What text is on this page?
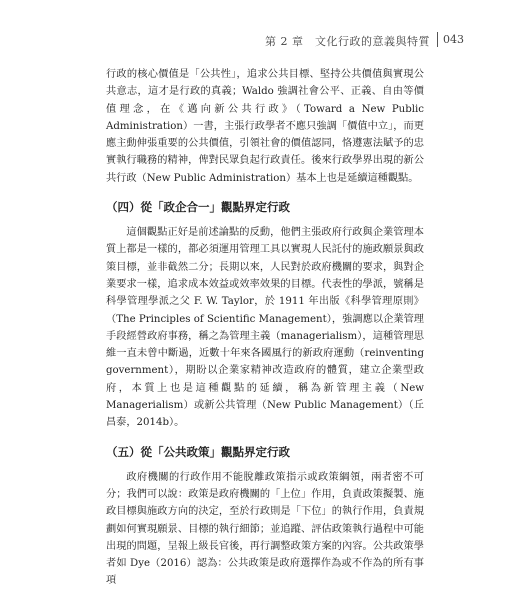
第 2 章　文化行政的意義與特質 043

行政的核心價值是「公共性」，追求公共目標、堅持公共價值與實現公共意志，這才是行政的真義；Waldo 強調社會公平、正義、自由等價值理念，在《邁向新公共行政》（Toward a New Public Administration）一書，主張行政學者不應只強調「價值中立」，而更應主動伸張重要的公共價值，引領社會的價值認同，恪遵憲法賦予的忠實執行職務的精神，俾對民眾負起行政責任。後來行政學界出現的新公共行政（New Public Administration）基本上也是延續這種觀點。

（四）從「政企合一」觀點界定行政

這個觀點正好是前述論點的反動，他們主張政府行政與企業管理本質上都是一樣的，都必須運用管理工具以實現人民託付的施政願景與政策目標，並非截然二分；長期以來，人民對於政府機關的要求，與對企業要求一樣，追求成本效益或效率效果的目標。代表性的學派，號稱是科學管理學派之父 F. W. Taylor，於 1911 年出版《科學管理原則》（The Principles of Scientific Management），強調應以企業管理手段經營政府事務，稱之為管理主義（managerialism），這種管理思維一直未曾中斷過，近數十年來各國風行的新政府運動（reinventing government），期盼以企業家精神改造政府的體質，建立企業型政府，本質上也是這種觀點的延續，稱為新管理主義（New Managerialism）或新公共管理（New Public Management）（丘昌泰，2014b）。

（五）從「公共政策」觀點界定行政

政府機關的行政作用不能脫離政策指示或政策綱領，兩者密不可分；我們可以說：政策是政府機關的「上位」作用，負責政策擬製、施政目標與施政方向的決定，至於行政則是「下位」的執行作用，負責規劃如何實現願景、目標的執行細節；並追蹤、評估政策執行過程中可能出現的問題，呈報上級長官後，再行調整政策方案的內容。公共政策學者如 Dye（2016）認為：公共政策是政府選擇作為或不作為的所有事項
